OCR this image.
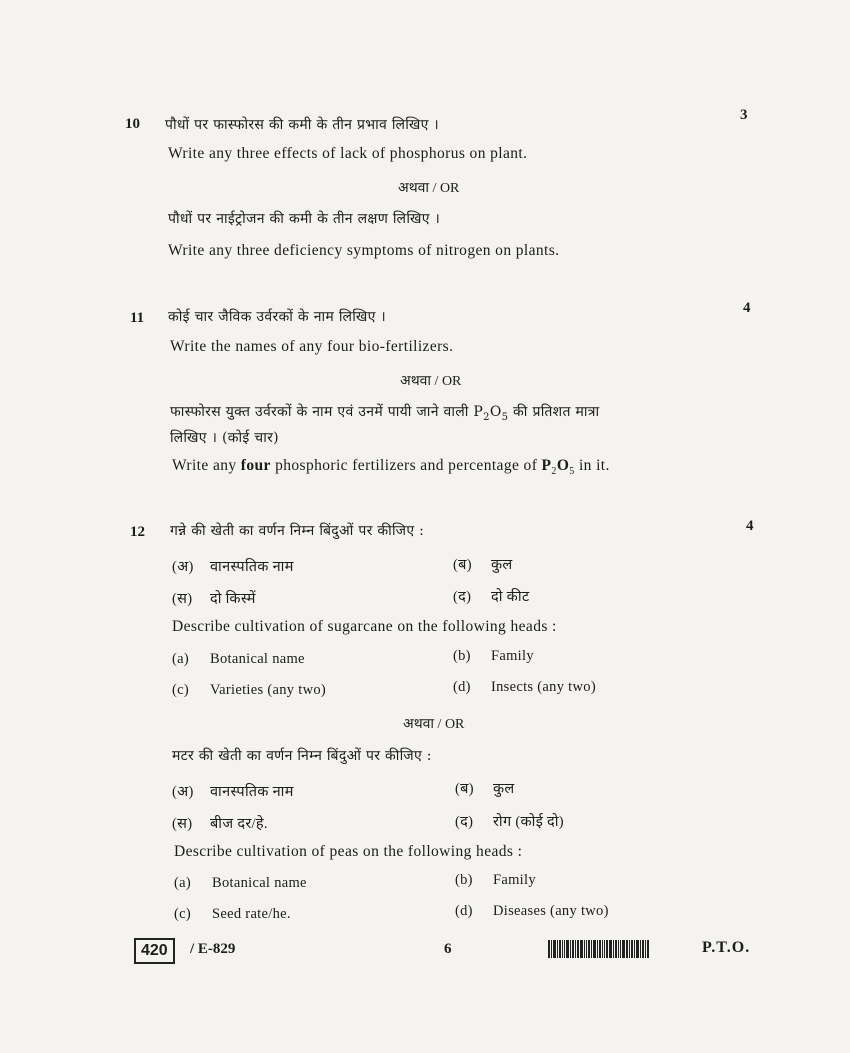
10 पौधों पर फास्फोरस की कमी के तीन प्रभाव लिखिए ।
3
Write any three effects of lack of phosphorus on plant.
अथवा / OR
पौधों पर नाईट्रोजन की कमी के तीन लक्षण लिखिए ।
Write any three deficiency symptoms of nitrogen on plants.
11 कोई चार जैविक उर्वरकों के नाम लिखिए ।
4
Write the names of any four bio-fertilizers.
अथवा / OR
फास्फोरस युक्त उर्वरकों के नाम एवं उनमें पायी जाने वाली $P_2O_5$ की प्रतिशत मात्रा
लिखिए । (कोई चार)
Write any four phosphoric fertilizers and percentage of $P_2O_5$ in it.
12 गन्ने की खेती का वर्णन निम्न बिंदुओं पर कीजिए :	4
(अ) वानस्पतिक नाम	(ब) कुल
(स) दो किस्में	(द) दो कीट
Describe cultivation of sugarcane on the following heads :
(a) Botanical name	(b) Family
(c) Varieties (any two)	(d) Insects (any two)
अथवा / OR
मटर की खेती का वर्णन निम्न बिंदुओं पर कीजिए :
(अ) वानस्पतिक नाम	(ब) कुल
(स) बीज दर/हे.	(द) रोग (कोई दो)
Describe cultivation of peas on the following heads :
(a) Botanical name	(b) Family
(c) Seed rate/he.	(d) Diseases (any two)
420	/ E-829	6	P.T.O.
